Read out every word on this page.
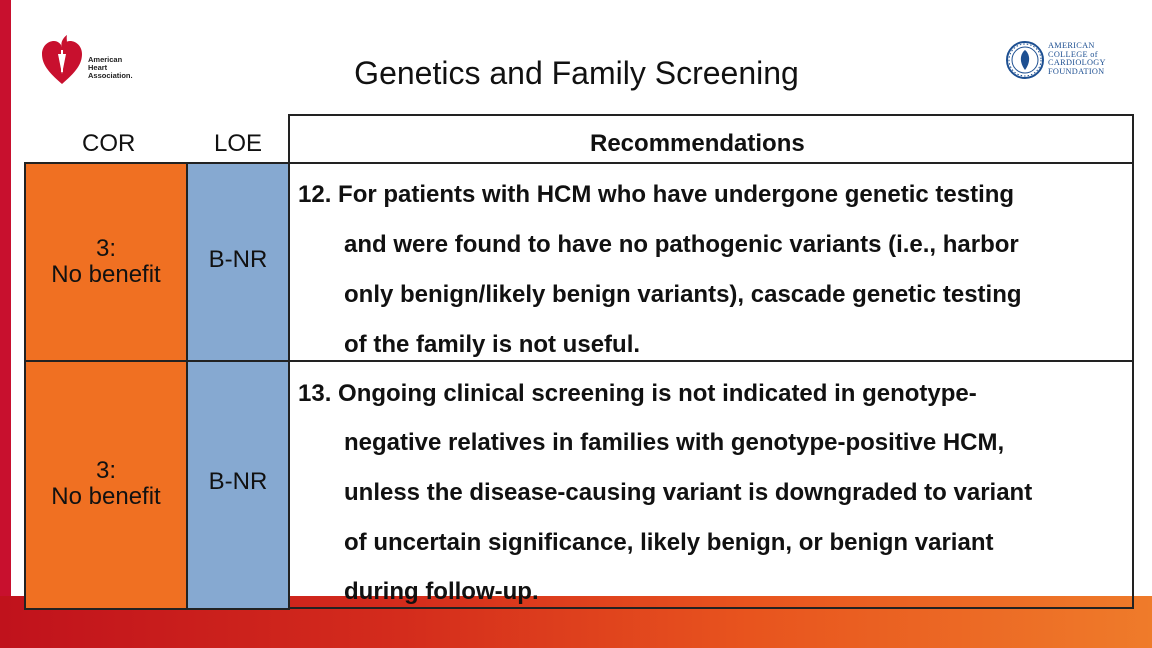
American
Heart
Association.
AMERICAN
COLLEGE of
CARDIOLOGY
FOUNDATION
Genetics and Family Screening
COR	LOE	Recommendations
3:
No benefit
B-NR
12. For patients with HCM who have undergone genetic testing
and were found to have no pathogenic variants (i.e., harbor
only benign/likely benign variants), cascade genetic testing
of the family is not useful.
3:
No benefit
B-NR
13. Ongoing clinical screening is not indicated in genotype-
negative relatives in families with genotype-positive HCM,
unless the disease-causing variant is downgraded to variant
of uncertain significance, likely benign, or benign variant
during follow-up.
